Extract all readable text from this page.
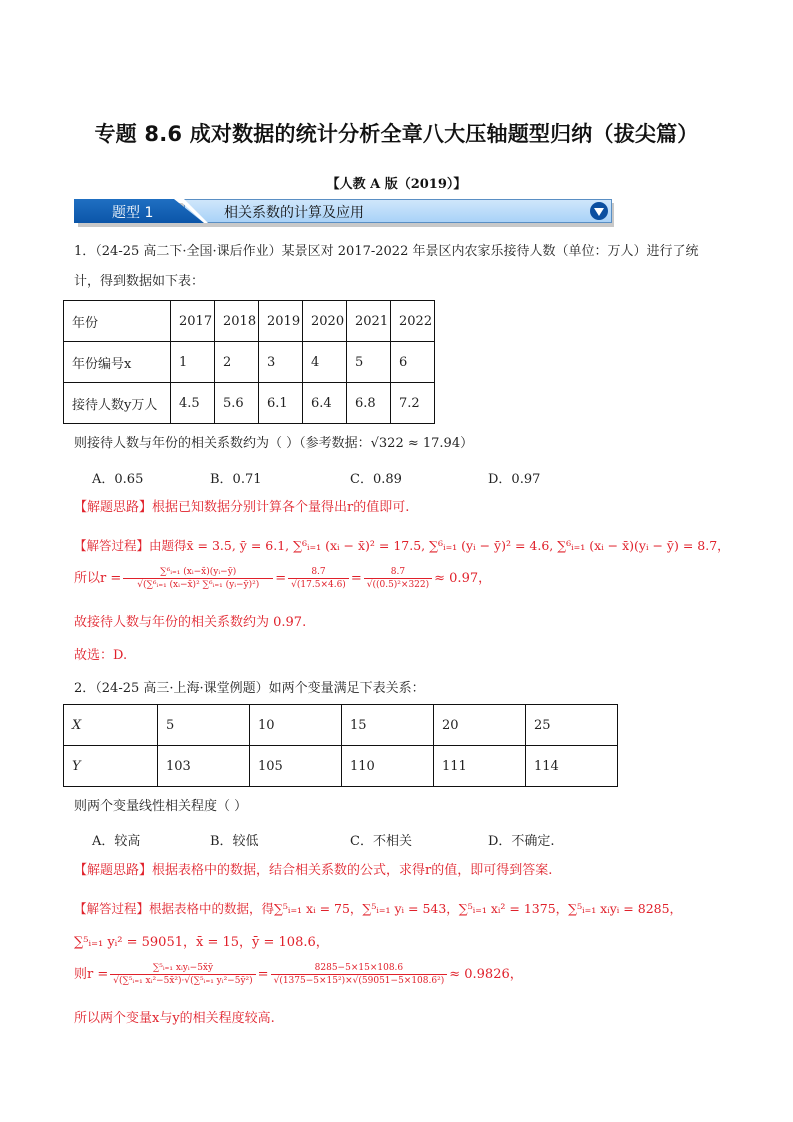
专题 8.6 成对数据的统计分析全章八大压轴题型归纳（拔尖篇）
【人教 A 版（2019）】
题型 1	相关系数的计算及应用
1．（24-25 高二下·全国·课后作业）某景区对 2017-2022 年景区内农家乐接待人数（单位：万人）进行了统
计，得到数据如下表：
年份	2017	2018	2019	2020	2021	2022
年份编号x	1	2	3	4	5	6
接待人数y万人	4.5	5.6	6.1	6.4	6.8	7.2
则接待人数与年份的相关系数约为（ ）（参考数据：√322 ≈ 17.94）
A．0.65	B．0.71	C．0.89	D．0.97
【解题思路】根据已知数据分别计算各个量得出r的值即可.
【解答过程】由题得x̄ = 3.5, ȳ = 6.1, ∑⁶ᵢ₌₁ (xᵢ − x̄)² = 17.5, ∑⁶ᵢ₌₁ (yᵢ − ȳ)² = 4.6, ∑⁶ᵢ₌₁ (xᵢ − x̄)(yᵢ − ȳ) = 8.7，
所以$r = \frac{\text{∑⁶ᵢ₌₁ (xᵢ−x̄)(yᵢ−ȳ)}}{\text{√(∑⁶ᵢ₌₁ (xᵢ−x̄)² ∑⁶ᵢ₌₁ (yᵢ−ȳ)²)}} = \frac{8.7}{√(17.5\times 4.6)} = \frac{8.7}{\text{√((0.5)²×322)}} \approx 0.97$，
故接待人数与年份的相关系数约为 0.97.
故选：D.
2．（24-25 高三·上海·课堂例题）如两个变量满足下表关系：
X	5	10	15	20	25
Y	103	105	110	111	114
则两个变量线性相关程度（ ）
A．较高	B．较低	C．不相关	D．不确定.
【解题思路】根据表格中的数据，结合相关系数的公式，求得r的值，即可得到答案.
【解答过程】根据表格中的数据，得∑⁵ᵢ₌₁ xᵢ = 75，∑⁵ᵢ₌₁ yᵢ = 543，∑⁵ᵢ₌₁ xᵢ² = 1375，∑⁵ᵢ₌₁ xᵢyᵢ = 8285，
∑⁵ᵢ₌₁ yᵢ² = 59051，x̄ = 15，ȳ = 108.6，
则$r = \frac{\text{∑⁵ᵢ₌₁ xᵢyᵢ−5x̄ȳ}}{\text{√(∑⁵ᵢ₌₁ xᵢ²−5x̄²)·√(∑⁵ᵢ₌₁ yᵢ²−5ȳ²)}} = \frac{8285-5\times 15\times 108.6}{\text{√(1375−5×15²)×√(59051−5×108.6²)}} \approx 0.9826$，
所以两个变量x与y的相关程度较高.
